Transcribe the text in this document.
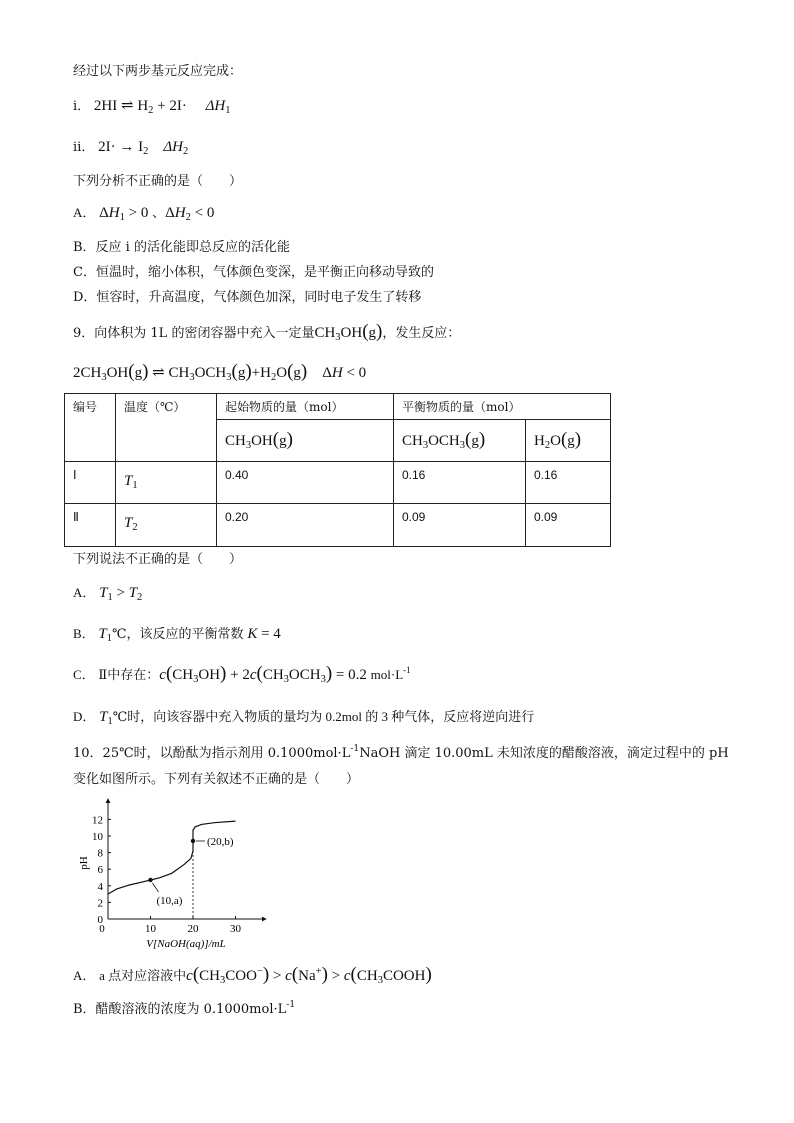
经过以下两步基元反应完成：
ⅰ． 2HI ⇌ $H_2 + 2I\cdot$     $\Delta H_1$
ⅱ． $2I\cdot \to I_2$ $\Delta H_2$
下列分析不正确的是（　　）
A． $\Delta H_1 > 0$ 、$\Delta H_2 < 0$
B．反应 ⅰ 的活化能即总反应的活化能
C．恒温时，缩小体积，气体颜色变深，是平衡正向移动导致的
D．恒容时，升高温度，气体颜色加深，同时电子发生了转移
9．向体积为 1L 的密闭容器中充入一定量$CH_3OH(g)$，发生反应：
$2CH_3OH(g)$ ⇌ $CH_3OCH_3(g)+H_2O(g)$    ΔH < 0
编号	温度（℃）	起始物质的量（mol）	平衡物质的量（mol）	
		$CH_3OH(g)$	$CH_3OCH_3(g)$	$H_2O(g)$
Ⅰ	$T_1$	0.40	0.16	0.16
Ⅱ	$T_2$	0.20	0.09	0.09
下列说法不正确的是（　　）
A． $T_1 > T_2$
B． $T_1℃$，该反应的平衡常数 K = 4
C． Ⅱ中存在：$c(CH_3OH) + 2c(CH_3OCH_3) = 0.2$ $mol\cdot L^{-1}$
D． $T_1℃$时，向该容器中充入物质的量均为 0.2mol 的 3 种气体，反应将逆向进行
10．25℃时，以酚酞为指示剂用 $0.1000mol\cdot L^{-1}NaOH$ 滴定 10.00mL 未知浓度的醋酸溶液，滴定过程中的 pH
变化如图所示。下列有关叙述不正确的是（　　）
0
2
4
6
8
10
12
0	10	20	30
(10,a)
(20,b)
pH
V[NaOH(aq)]/mL
A． a 点对应溶液中$c(CH_3COO^-) > c(Na^+)$ > $c(CH_3COOH)$
B．醋酸溶液的浓度为 $0.1000mol\cdot L^{-1}$
